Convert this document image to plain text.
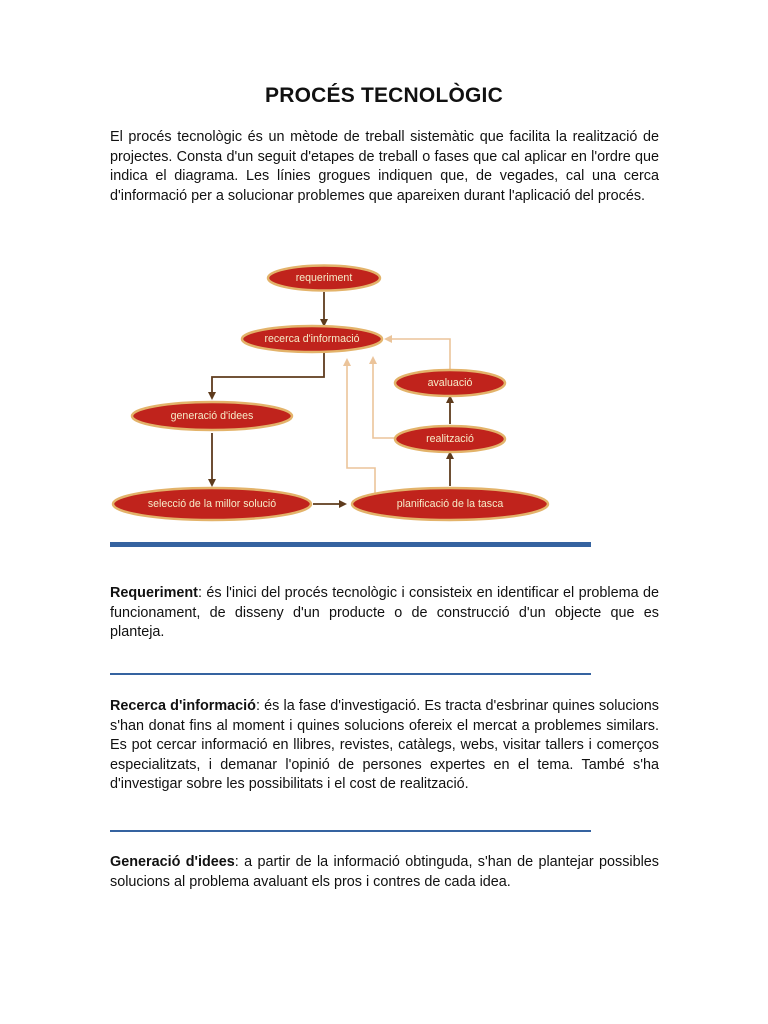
PROCÉS TECNOLÒGIC

El procés tecnològic és un mètode de treball sistemàtic que facilita la realització de projectes. Consta d'un seguit d'etapes de treball o fases que cal aplicar en l'ordre que indica el diagrama. Les línies grogues indiquen que, de vegades, cal una cerca d'informació per a solucionar problemes que apareixen durant l'aplicació del procés.

requeriment
recerca d'informació
generació d'idees
selecció de la millor solució	planificació de la tasca
realització
avaluació

Requeriment: és l'inici del procés tecnològic i consisteix en identificar el problema de funcionament, de disseny d'un producte o de construcció d'un objecte que es planteja.

Recerca d'informació: és la fase d'investigació. Es tracta d'esbrinar quines solucions s'han donat fins al moment i quines solucions ofereix el mercat a problemes similars. Es pot cercar informació en llibres, revistes, catàlegs, webs, visitar tallers i comerços especialitzats, i demanar l'opinió de persones expertes en el tema. També s'ha d'investigar sobre les possibilitats i el cost de realització.

Generació d'idees: a partir de la informació obtinguda, s'han de plantejar possibles solucions al problema avaluant els pros i contres de cada idea.
